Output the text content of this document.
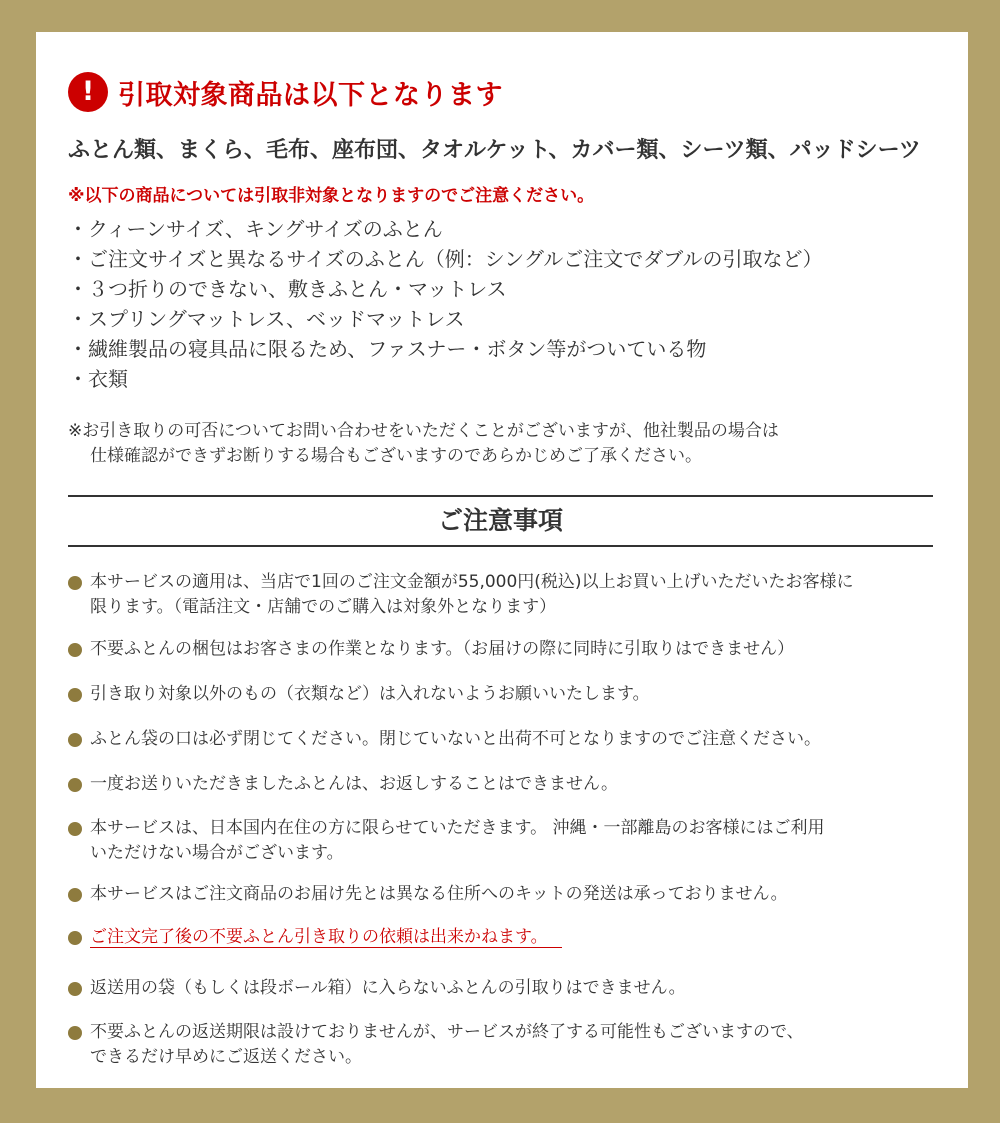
! 引取対象商品は以下となります
ふとん類、まくら、毛布、座布団、タオルケット、カバー類、シーツ類、パッドシーツ
※以下の商品については引取非対象となりますのでご注意ください。
・クィーンサイズ、キングサイズのふとん
・ご注文サイズと異なるサイズのふとん（例：シングルご注文でダブルの引取など）
・３つ折りのできない、敷きふとん・マットレス
・スプリングマットレス、ベッドマットレス
・繊維製品の寝具品に限るため、ファスナー・ボタン等がついている物
・衣類
※お引き取りの可否についてお問い合わせをいただくことがございますが、他社製品の場合は
仕様確認ができずお断りする場合もございますのであらかじめご了承ください。
ご注意事項
本サービスの適用は、当店で1回のご注文金額が55,000円(税込)以上お買い上げいただいたお客様に
限ります。（電話注文・店舗でのご購入は対象外となります）
不要ふとんの梱包はお客さまの作業となります。（お届けの際に同時に引取りはできません）
引き取り対象以外のもの（衣類など）は入れないようお願いいたします。
ふとん袋の口は必ず閉じてください。閉じていないと出荷不可となりますのでご注意ください。
一度お送りいただきましたふとんは、お返しすることはできません。
本サービスは、日本国内在住の方に限らせていただきます。 沖縄・一部離島のお客様にはご利用
いただけない場合がございます。
本サービスはご注文商品のお届け先とは異なる住所へのキットの発送は承っておりません。
ご注文完了後の不要ふとん引き取りの依頼は出来かねます。
返送用の袋（もしくは段ボール箱）に入らないふとんの引取りはできません。
不要ふとんの返送期限は設けておりませんが、サービスが終了する可能性もございますので、
できるだけ早めにご返送ください。
